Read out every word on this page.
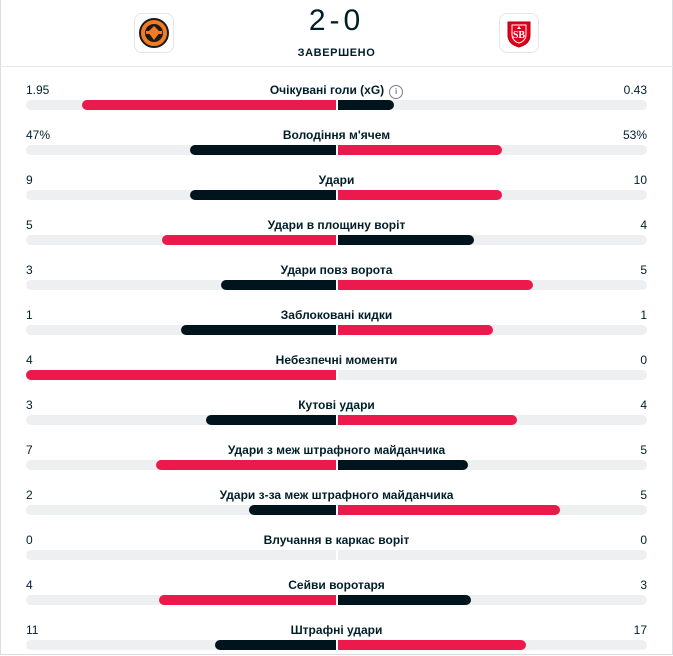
2-0
ЗАВЕРШЕНО
SB
1.95	Очікувані голи (xG) i	0.43
47%	Володіння м'ячем	53%
9	Удари	10
5	Удари в площину воріт	4
3	Удари повз ворота	5
1	Заблоковані кидки	1
4	Небезпечні моменти	0
3	Кутові удари	4
7	Удари з меж штрафного майданчика	5
2	Удари з-за меж штрафного майданчика	5
0	Влучання в каркас воріт	0
4	Сейви воротаря	3
11	Штрафні удари	17
